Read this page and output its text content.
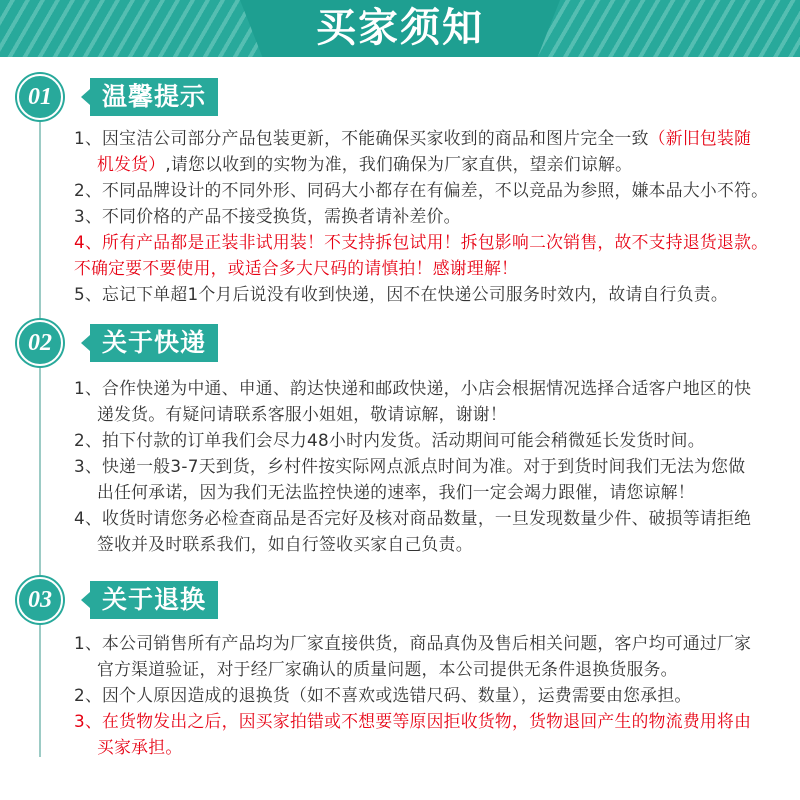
买家须知
01	温馨提示
1、因宝洁公司部分产品包装更新，不能确保买家收到的商品和图片完全一致（新旧包装随
机发货）,请您以收到的实物为准，我们确保为厂家直供，望亲们谅解。
2、不同品牌设计的不同外形、同码大小都存在有偏差，不以竞品为参照，嫌本品大小不符。
3、不同价格的产品不接受换货，需换者请补差价。
4、所有产品都是正装非试用装！不支持拆包试用！拆包影响二次销售，故不支持退货退款。
不确定要不要使用，或适合多大尺码的请慎拍！感谢理解！
5、忘记下单超1个月后说没有收到快递，因不在快递公司服务时效内，故请自行负责。
02	关于快递
1、合作快递为中通、申通、韵达快递和邮政快递，小店会根据情况选择合适客户地区的快
递发货。有疑问请联系客服小姐姐，敬请谅解，谢谢！
2、拍下付款的订单我们会尽力48小时内发货。活动期间可能会稍微延长发货时间。
3、快递一般3-7天到货，乡村件按实际网点派点时间为准。对于到货时间我们无法为您做
出任何承诺，因为我们无法监控快递的速率，我们一定会竭力跟催，请您谅解！
4、收货时请您务必检查商品是否完好及核对商品数量，一旦发现数量少件、破损等请拒绝
签收并及时联系我们，如自行签收买家自己负责。
03	关于退换
1、本公司销售所有产品均为厂家直接供货，商品真伪及售后相关问题，客户均可通过厂家
官方渠道验证，对于经厂家确认的质量问题，本公司提供无条件退换货服务。
2、因个人原因造成的退换货（如不喜欢或选错尺码、数量），运费需要由您承担。
3、在货物发出之后，因买家拍错或不想要等原因拒收货物，货物退回产生的物流费用将由
买家承担。
